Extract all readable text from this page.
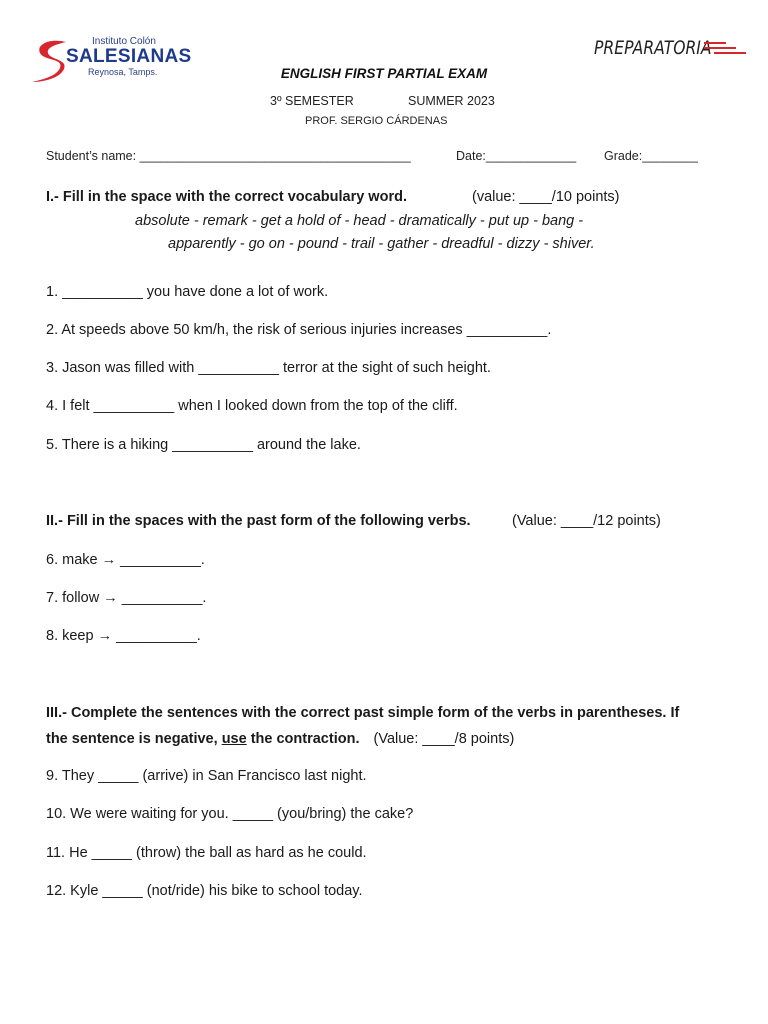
Instituto Colón
SALESIANAS
Reynosa, Tamps.
PREPARATORIA
ENGLISH FIRST PARTIAL EXAM
3º SEMESTER	SUMMER 2023
PROF. SERGIO CÁRDENAS
Student’s name: _______________________________________	Date:_____________ Grade:________
I.- Fill in the space with the correct vocabulary word.	(value: ____/10 points)
absolute - remark - get a hold of - head - dramatically - put up - bang -
apparently - go on - pound - trail - gather - dreadful - dizzy - shiver.
1. __________ you have done a lot of work.
2. At speeds above 50 km/h, the risk of serious injuries increases __________.
3. Jason was filled with __________ terror at the sight of such height.
4. I felt __________ when I looked down from the top of the cliff.
5. There is a hiking __________ around the lake.
II.- Fill in the spaces with the past form of the following verbs.	(Value: ____/12 points)
6. make → __________.
7. follow → __________.
8. keep → __________.
III.- Complete the sentences with the correct past simple form of the verbs in parentheses. If
the sentence is negative, use the contraction. (Value: ____/8 points)
9. They _____ (arrive) in San Francisco last night.
10. We were waiting for you. _____ (you/bring) the cake?
11. He _____ (throw) the ball as hard as he could.
12. Kyle _____ (not/ride) his bike to school today.
